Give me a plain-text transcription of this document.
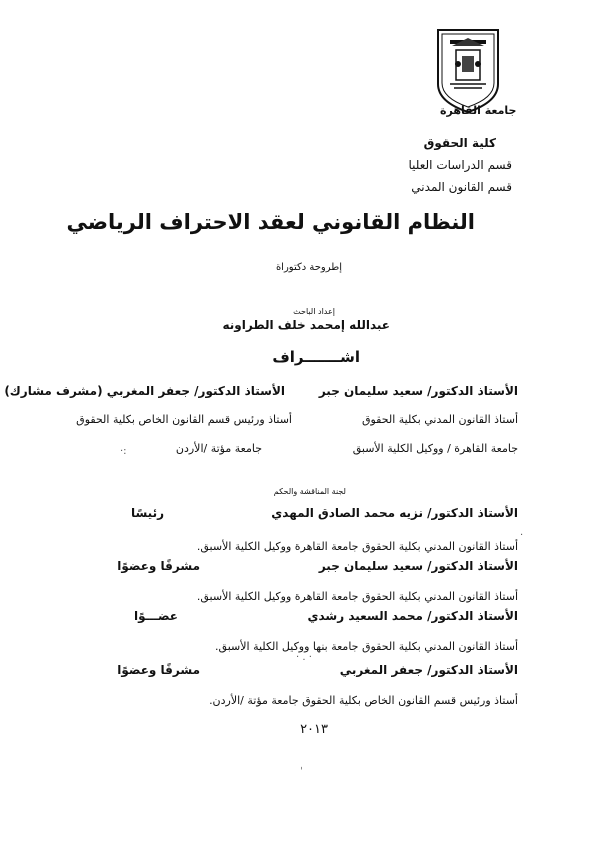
جامعة القاهرة
كلية الحقوق
قسم الدراسات العليا
قسم القانون المدني
النظام القانوني لعقد الاحتراف الرياضي
إطروحة دكتوراة
إعداد الباحث
عبدالله إمحمد خلف الطراونه
اشـــــــراف
الأستاذ الدكتور/ سعيد سليمان جبر
الأستاذ الدكتور/ جعفر المغربي (مشرف مشارك)
أستاذ القانون المدني بكلية الحقوق
أستاذ ورئيس قسم القانون الخاص بكلية الحقوق
جامعة القاهرة / ووكيل الكلية الأسبق
جامعة مؤتة /الأردن
·:
لجنة المناقشة والحكم
الأستاذ الدكتور/ نزيه محمد الصادق المهدي
رئيسًا
·
أستاذ القانون المدني بكلية الحقوق جامعة القاهرة ووكيل الكلية الأسبق.
الأستاذ الدكتور/ سعيد سليمان جبر
مشرفًا وعضوًا
أستاذ القانون المدني بكلية الحقوق جامعة القاهرة ووكيل الكلية الأسبق.
الأستاذ الدكتور/ محمد السعيد رشدي
عضـــوًا
أستاذ القانون المدني بكلية الحقوق جامعة بنها ووكيل الكلية الأسبق.
· . ·
الأستاذ الدكتور/ جعفر المغربي
مشرفًا وعضوًا
أستاذ ورئيس قسم القانون الخاص بكلية الحقوق جامعة مؤتة /الأردن.
٢٠١٣
ˌ
